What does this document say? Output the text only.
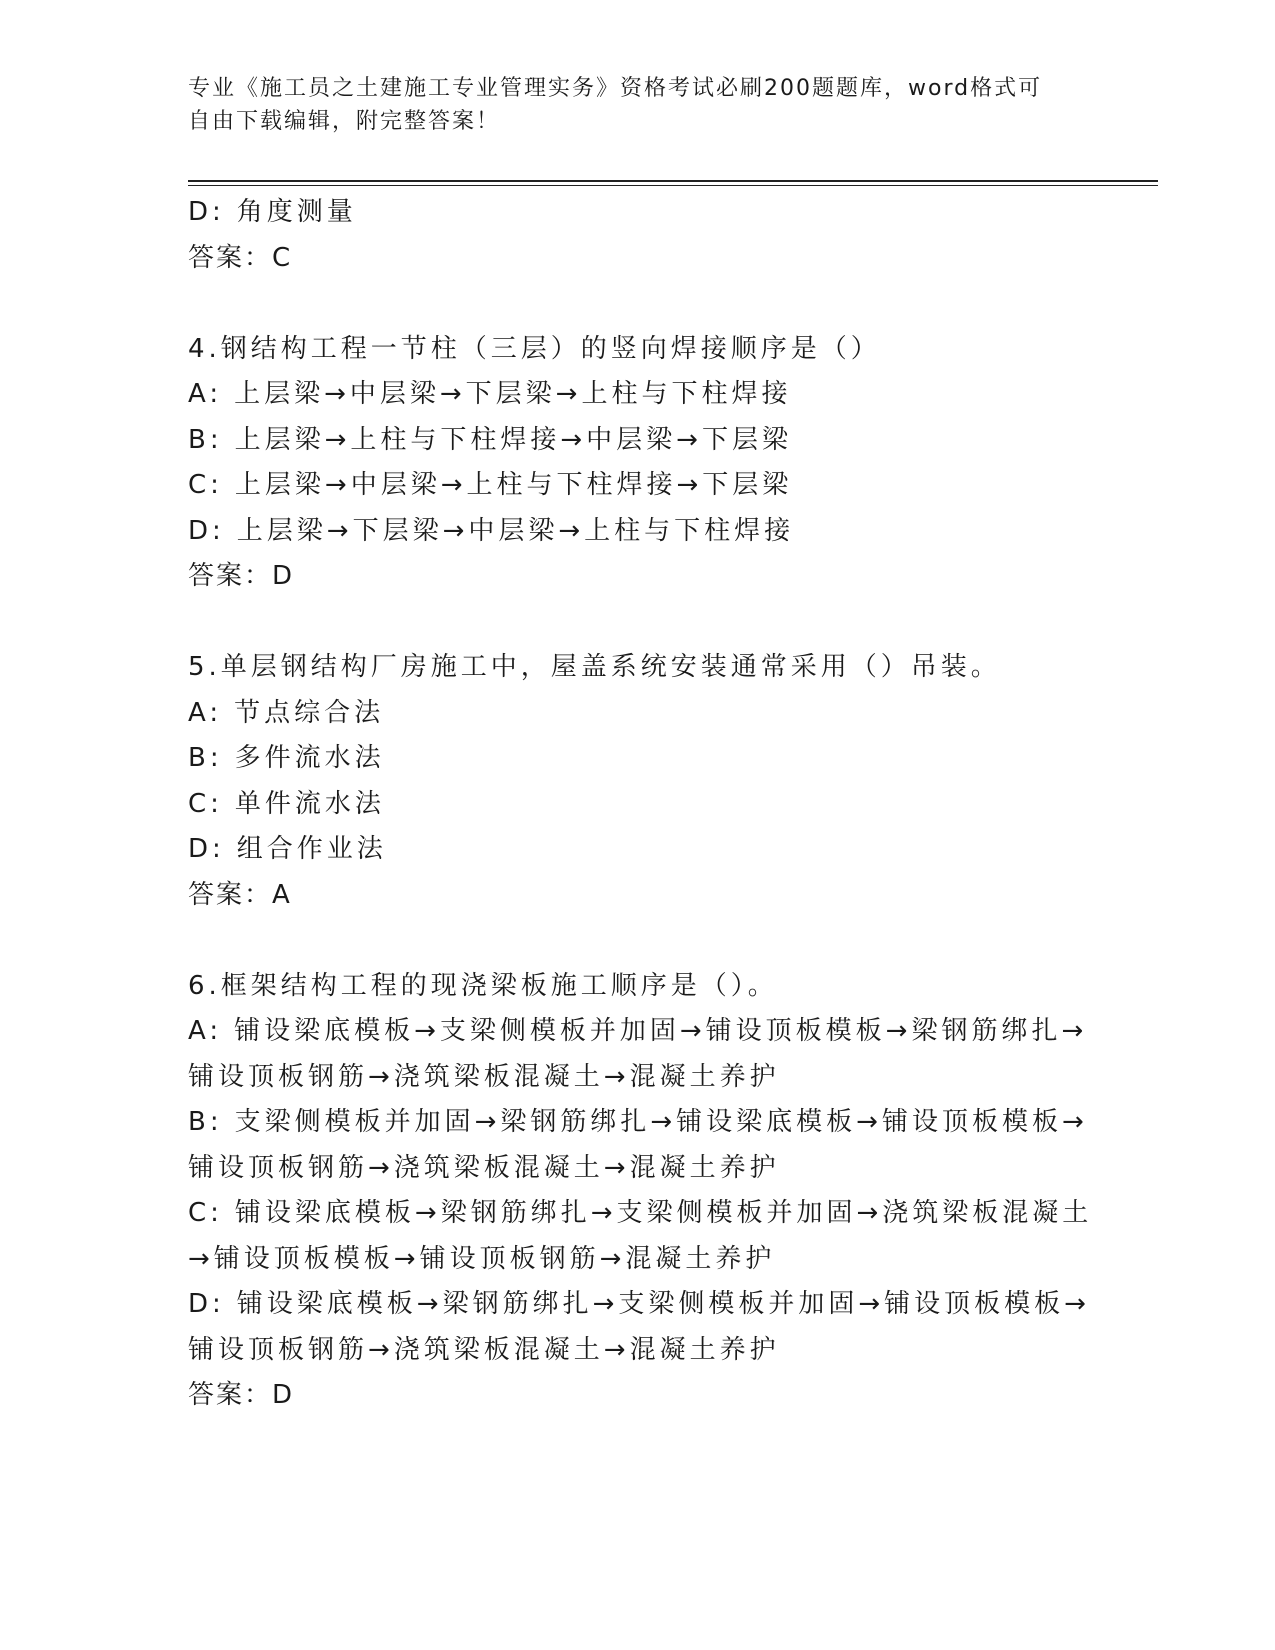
专业《施工员之土建施工专业管理实务》资格考试必刷200题题库，word格式可
自由下载编辑，附完整答案！
D: 角度测量
答案：C
4.钢结构工程一节柱（三层）的竖向焊接顺序是（）
A: 上层梁→中层梁→下层梁→上柱与下柱焊接
B: 上层梁→上柱与下柱焊接→中层梁→下层梁
C: 上层梁→中层梁→上柱与下柱焊接→下层梁
D: 上层梁→下层梁→中层梁→上柱与下柱焊接
答案：D
5.单层钢结构厂房施工中，屋盖系统安装通常采用（）吊装。
A: 节点综合法
B: 多件流水法
C: 单件流水法
D: 组合作业法
答案：A
6.框架结构工程的现浇梁板施工顺序是（）。
A: 铺设梁底模板→支梁侧模板并加固→铺设顶板模板→梁钢筋绑扎→
铺设顶板钢筋→浇筑梁板混凝土→混凝土养护
B: 支梁侧模板并加固→梁钢筋绑扎→铺设梁底模板→铺设顶板模板→
铺设顶板钢筋→浇筑梁板混凝土→混凝土养护
C: 铺设梁底模板→梁钢筋绑扎→支梁侧模板并加固→浇筑梁板混凝土
→铺设顶板模板→铺设顶板钢筋→混凝土养护
D: 铺设梁底模板→梁钢筋绑扎→支梁侧模板并加固→铺设顶板模板→
铺设顶板钢筋→浇筑梁板混凝土→混凝土养护
答案：D
